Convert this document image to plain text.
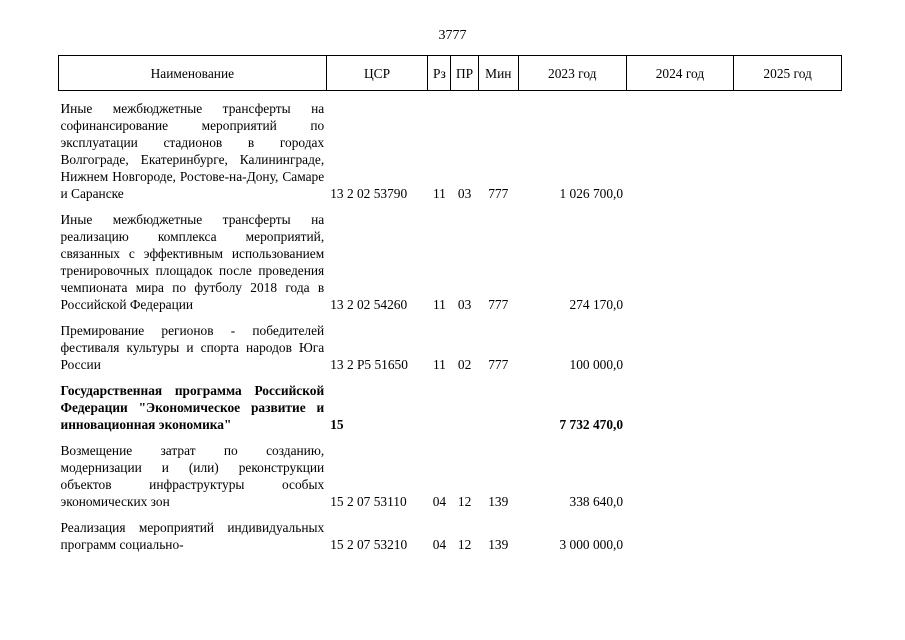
3777
Наименование	ЦСР	Рз	ПР	Мин	2023 год	2024 год	2025 год

Иные межбюджетные трансферты на софинансирование мероприятий по эксплуатации стадионов в городах Волгограде, Екатеринбурге, Калининграде, Нижнем Новгороде, Ростове-на-Дону, Самаре и Саранске	13 2 02 53790	11	03	777	1 026 700,0		

Иные межбюджетные трансферты на реализацию комплекса мероприятий, связанных с эффективным использованием тренировочных площадок после проведения чемпионата мира по футболу 2018 года в Российской Федерации	13 2 02 54260	11	03	777	274 170,0		

Премирование регионов - победителей фестиваля культуры и спорта народов Юга России	13 2 P5 51650	11	02	777	100 000,0		

Государственная программа Российской Федерации "Экономическое развитие и инновационная экономика"	15				7 732 470,0		

Возмещение затрат по созданию, модернизации и (или) реконструкции объектов инфраструктуры особых экономических зон	15 2 07 53110	04	12	139	338 640,0		

Реализация мероприятий индивидуальных программ социально-	15 2 07 53210	04	12	139	3 000 000,0		
